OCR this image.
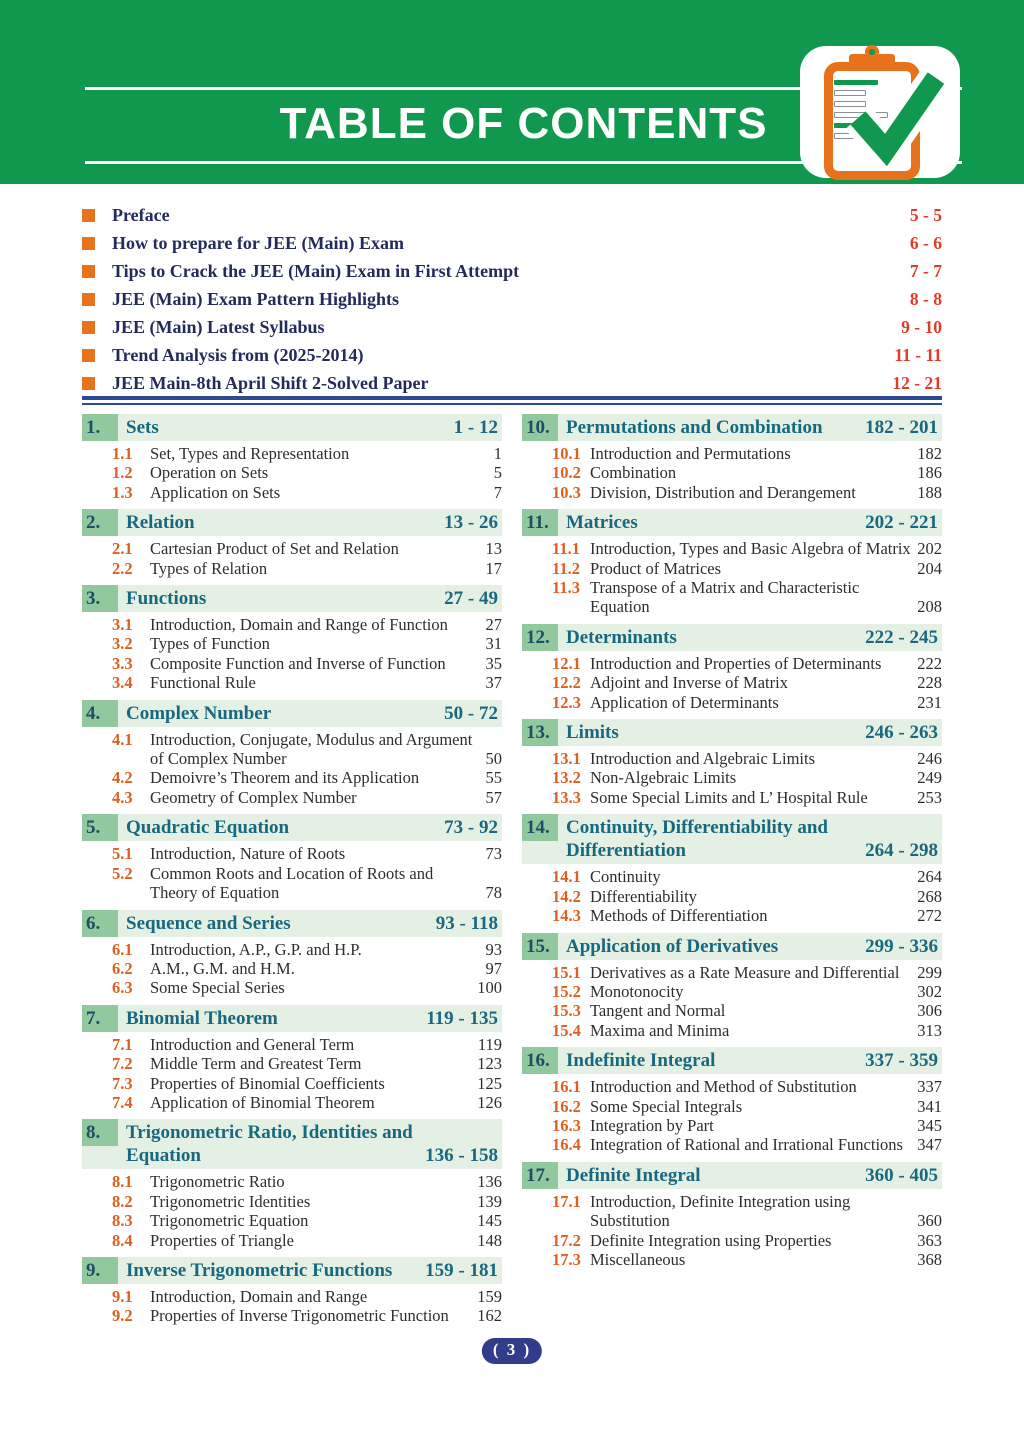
TABLE OF CONTENTS
Preface	5 - 5
How to prepare for JEE (Main) Exam	6 - 6
Tips to Crack the JEE (Main) Exam in First Attempt	7 - 7
JEE (Main) Exam Pattern Highlights	8 - 8
JEE (Main) Latest Syllabus	9 - 10
Trend Analysis from (2025-2014)	11 - 11
JEE Main-8th April Shift 2-Solved Paper	12 - 21
1.	Sets	1 - 12
1.1	Set, Types and Representation	1
1.2	Operation on Sets	5
1.3	Application on Sets	7
2.	Relation	13 - 26
2.1	Cartesian Product of Set and Relation	13
2.2	Types of Relation	17
3.	Functions	27 - 49
3.1	Introduction, Domain and Range of Function	27
3.2	Types of Function	31
3.3	Composite Function and Inverse of Function	35
3.4	Functional Rule	37
4.	Complex Number	50 - 72
4.1	Introduction, Conjugate, Modulus and Argument of Complex Number	50
4.2	Demoivre’s Theorem and its Application	55
4.3	Geometry of Complex Number	57
5.	Quadratic Equation	73 - 92
5.1	Introduction, Nature of Roots	73
5.2	Common Roots and Location of Roots and Theory of Equation	78
6.	Sequence and Series	93 - 118
6.1	Introduction, A.P., G.P. and H.P.	93
6.2	A.M., G.M. and H.M.	97
6.3	Some Special Series	100
7.	Binomial Theorem	119 - 135
7.1	Introduction and General Term	119
7.2	Middle Term and Greatest Term	123
7.3	Properties of Binomial Coefficients	125
7.4	Application of Binomial Theorem	126
8.	Trigonometric Ratio, Identities and Equation	136 - 158
8.1	Trigonometric Ratio	136
8.2	Trigonometric Identities	139
8.3	Trigonometric Equation	145
8.4	Properties of Triangle	148
9.	Inverse Trigonometric Functions	159 - 181
9.1	Introduction, Domain and Range	159
9.2	Properties of Inverse Trigonometric Function	162
10. Permutations and Combination	182 - 201
10.1 Introduction and Permutations	182
10.2 Combination	186
10.3 Division, Distribution and Derangement	188
11. Matrices	202 - 221
11.1 Introduction, Types and Basic Algebra of Matrix 202
11.2 Product of Matrices	204
11.3 Transpose of a Matrix and Characteristic Equation	208
12. Determinants	222 - 245
12.1 Introduction and Properties of Determinants	222
12.2 Adjoint and Inverse of Matrix	228
12.3 Application of Determinants	231
13. Limits	246 - 263
13.1 Introduction and Algebraic Limits	246
13.2 Non-Algebraic Limits	249
13.3 Some Special Limits and L’ Hospital Rule	253
14. Continuity, Differentiability and Differentiation	264 - 298
14.1 Continuity	264
14.2 Differentiability	268
14.3 Methods of Differentiation	272
15. Application of Derivatives	299 - 336
15.1 Derivatives as a Rate Measure and Differential	299
15.2 Monotonocity	302
15.3 Tangent and Normal	306
15.4 Maxima and Minima	313
16. Indefinite Integral	337 - 359
16.1 Introduction and Method of Substitution	337
16.2 Some Special Integrals	341
16.3 Integration by Part	345
16.4 Integration of Rational and Irrational Functions 347
17. Definite Integral	360 - 405
17.1 Introduction, Definite Integration using Substitution	360
17.2 Definite Integration using Properties	363
17.3 Miscellaneous	368
( 3 )
